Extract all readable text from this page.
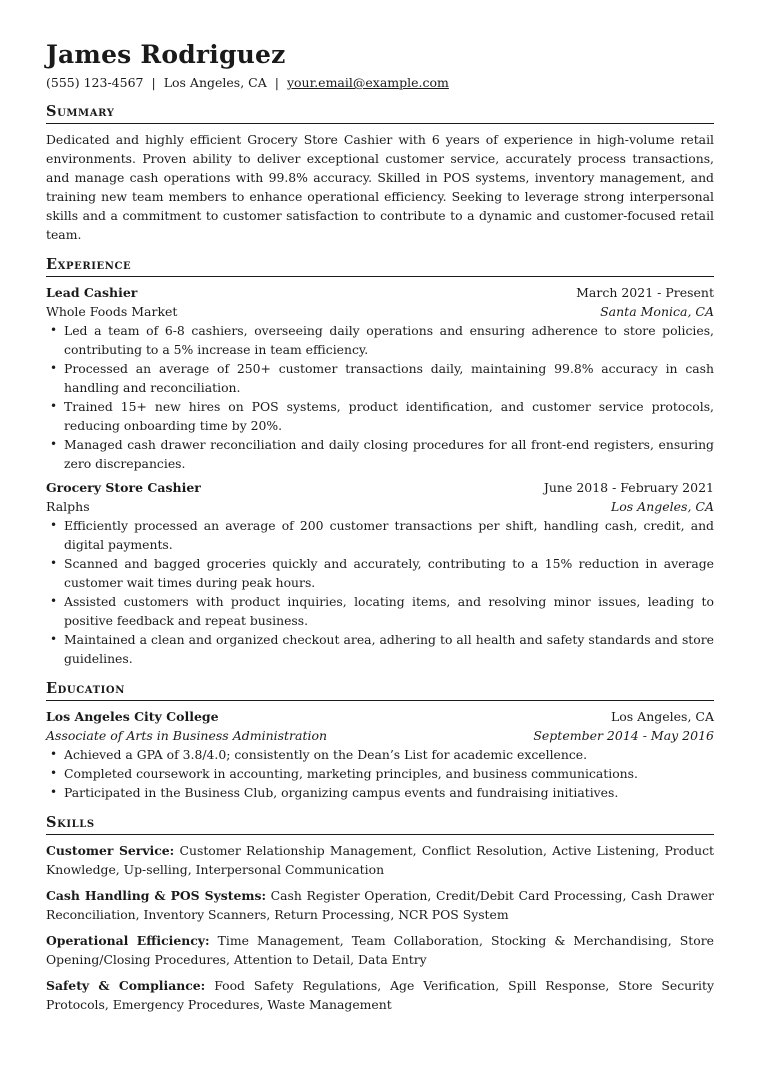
James Rodriguez
(555) 123-4567 | Los Angeles, CA | your.email@example.com
Summary

Dedicated and highly efficient Grocery Store Cashier with 6 years of experience in high-volume retail environments. Proven ability to deliver exceptional customer service, accurately process transactions, and manage cash operations with 99.8% accuracy. Skilled in POS systems, inventory management, and training new team members to enhance operational efficiency. Seeking to leverage strong interpersonal skills and a commitment to customer satisfaction to contribute to a dynamic and customer-focused retail team.

Experience
Lead Cashier	March 2021 - Present
Whole Foods Market	Santa Monica, CA
• Led a team of 6-8 cashiers, overseeing daily operations and ensuring adherence to store policies, contributing to a 5% increase in team efficiency.
• Processed an average of 250+ customer transactions daily, maintaining 99.8% accuracy in cash handling and reconciliation.
• Trained 15+ new hires on POS systems, product identification, and customer service protocols, reducing onboarding time by 20%.
• Managed cash drawer reconciliation and daily closing procedures for all front-end registers, ensuring zero discrepancies.
Grocery Store Cashier	June 2018 - February 2021
Ralphs	Los Angeles, CA
• Efficiently processed an average of 200 customer transactions per shift, handling cash, credit, and digital payments.
• Scanned and bagged groceries quickly and accurately, contributing to a 15% reduction in average customer wait times during peak hours.
• Assisted customers with product inquiries, locating items, and resolving minor issues, leading to positive feedback and repeat business.
• Maintained a clean and organized checkout area, adhering to all health and safety standards and store guidelines.
Education
Los Angeles City College	Los Angeles, CA
Associate of Arts in Business Administration	September 2014 - May 2016
• Achieved a GPA of 3.8/4.0; consistently on the Dean’s List for academic excellence.
• Completed coursework in accounting, marketing principles, and business communications.
• Participated in the Business Club, organizing campus events and fundraising initiatives.
Skills

Customer Service: Customer Relationship Management, Conflict Resolution, Active Listening, Product Knowledge, Up-selling, Interpersonal Communication

Cash Handling & POS Systems: Cash Register Operation, Credit/Debit Card Processing, Cash Drawer Reconciliation, Inventory Scanners, Return Processing, NCR POS System

Operational Efficiency: Time Management, Team Collaboration, Stocking & Merchandising, Store Opening/Closing Procedures, Attention to Detail, Data Entry

Safety & Compliance: Food Safety Regulations, Age Verification, Spill Response, Store Security Protocols, Emergency Procedures, Waste Management
